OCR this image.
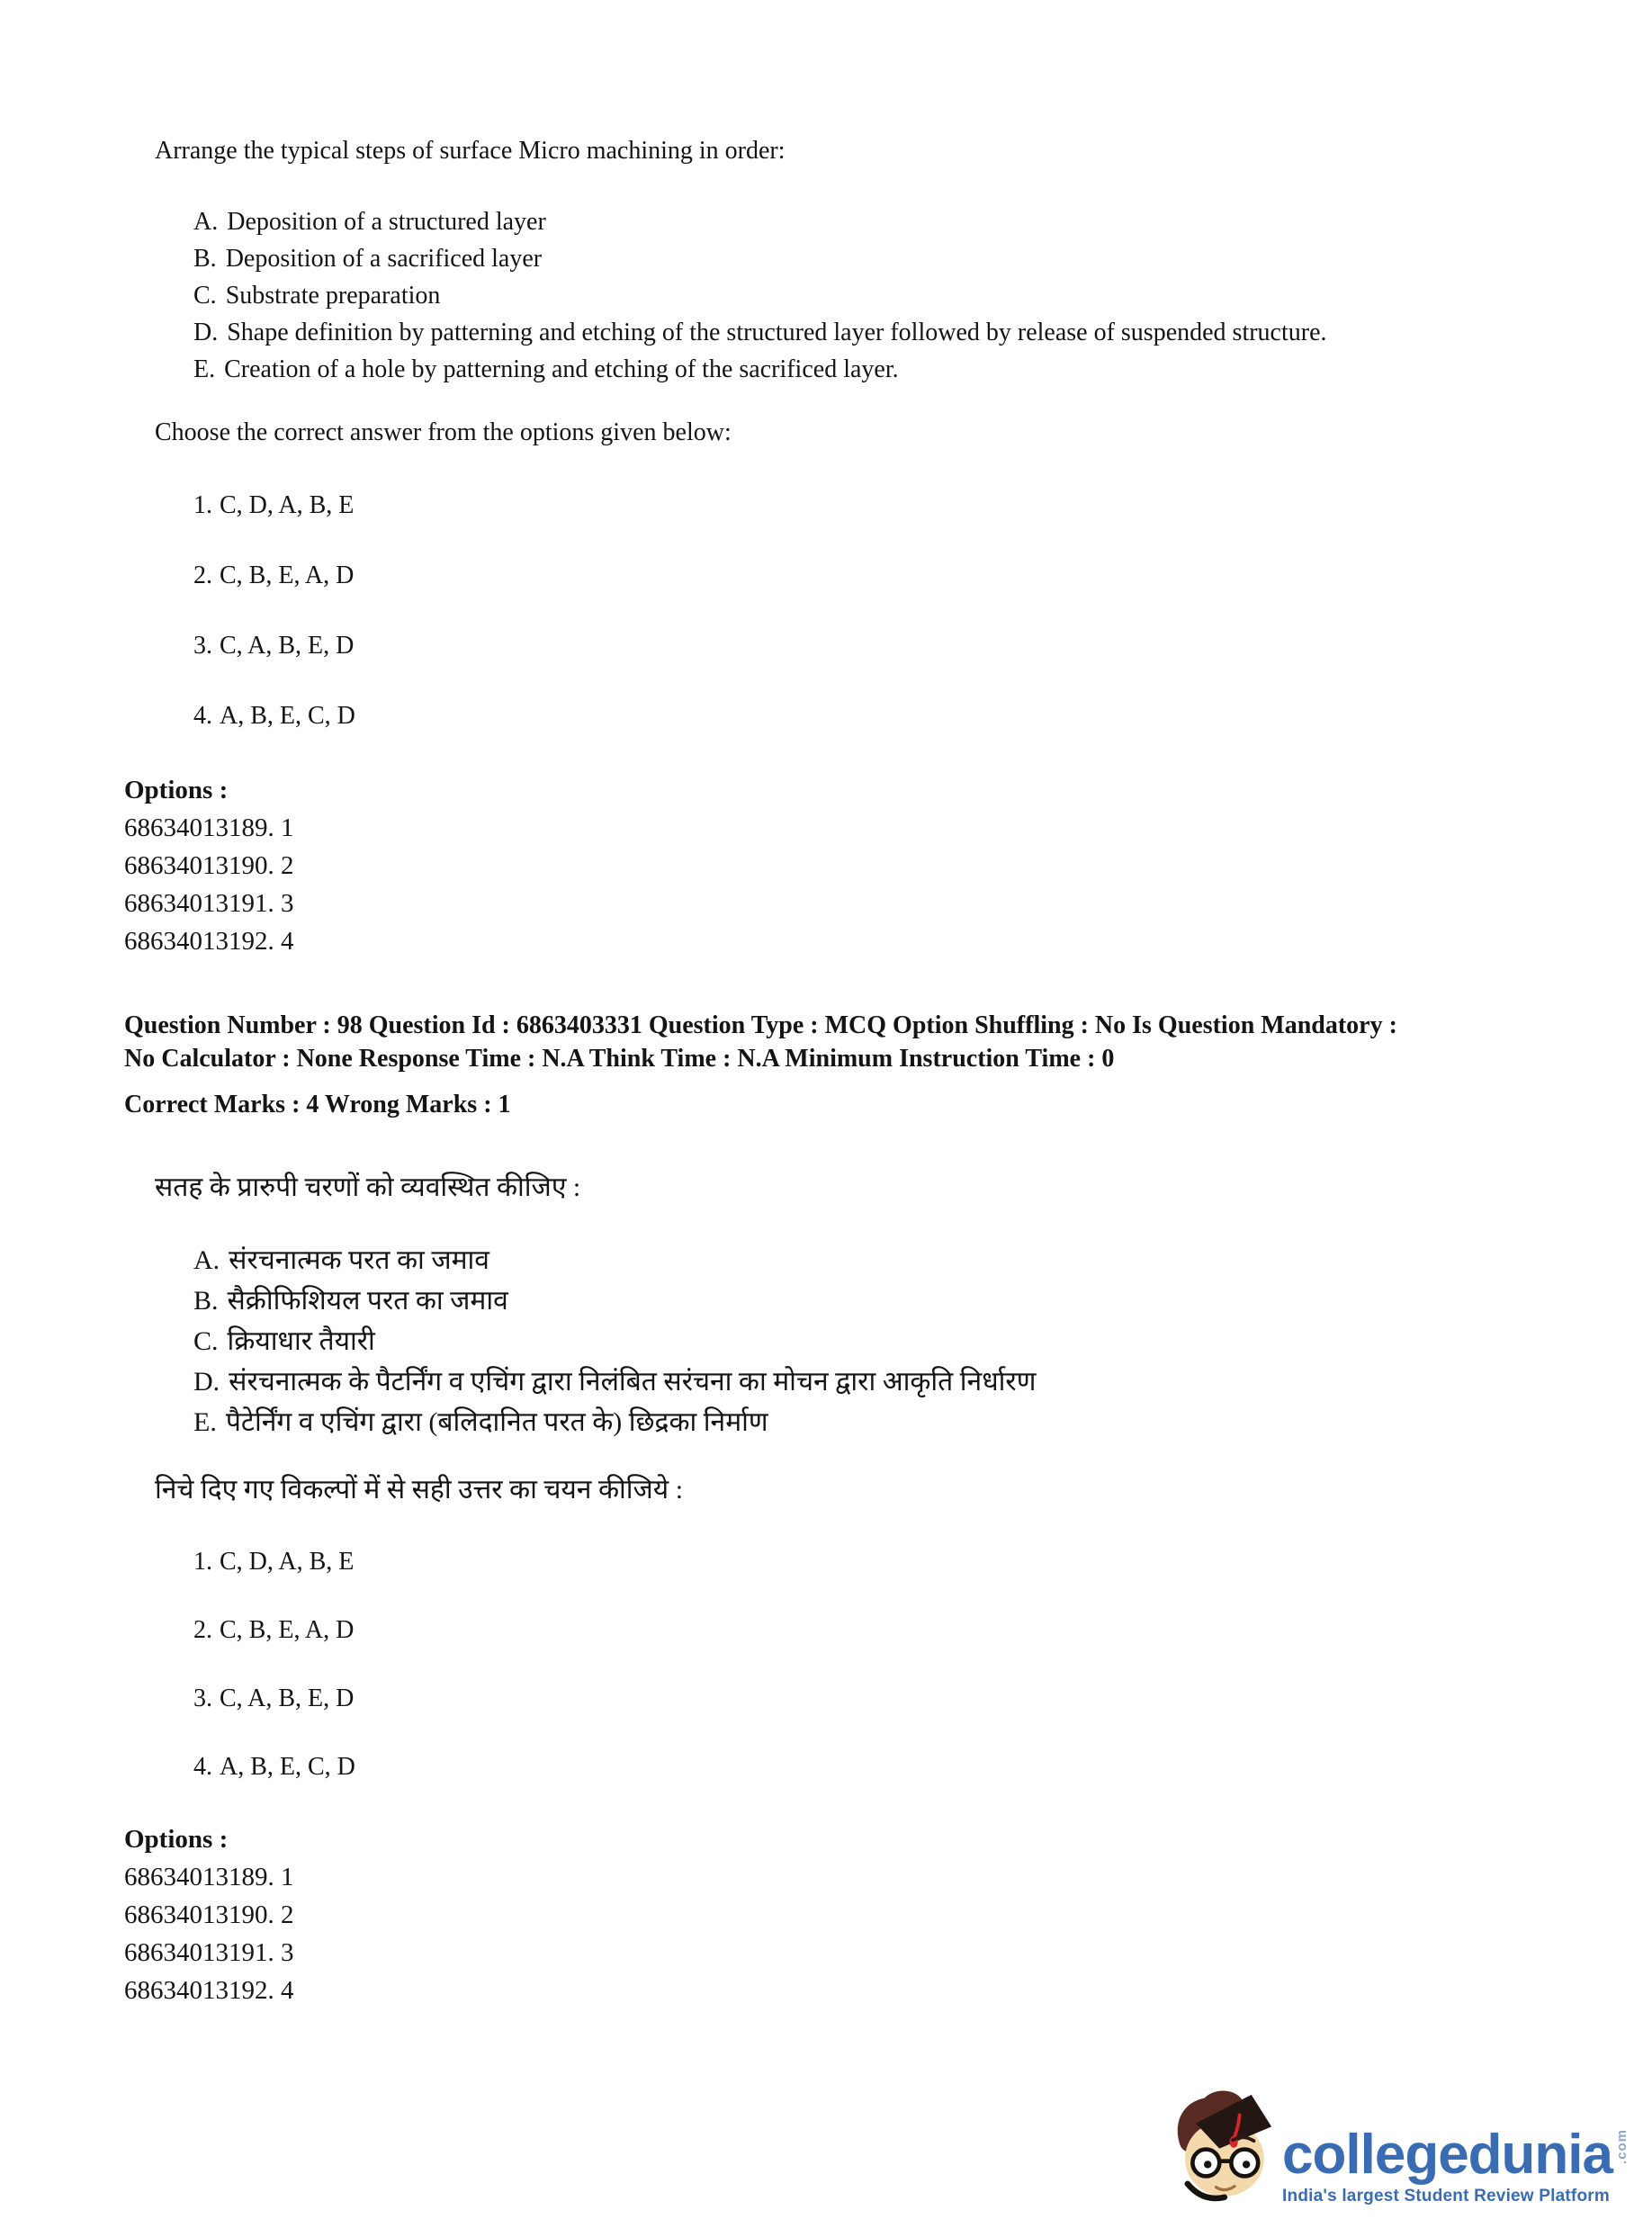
Arrange the typical steps of surface Micro machining in order:

A. Deposition of a structured layer
B. Deposition of a sacrificed layer
C. Substrate preparation
D. Shape definition by patterning and etching of the structured layer followed by release of suspended structure.
E. Creation of a hole by patterning and etching of the sacrificed layer.

Choose the correct answer from the options given below:

1. C, D, A, B, E
2. C, B, E, A, D
3. C, A, B, E, D
4. A, B, E, C, D

Options :

68634013189. 1
68634013190. 2
68634013191. 3
68634013192. 4

Question Number : 98 Question Id : 6863403331 Question Type : MCQ Option Shuffling : No Is Question Mandatory :

No Calculator : None Response Time : N.A Think Time : N.A Minimum Instruction Time : 0

Correct Marks : 4 Wrong Marks : 1

सतह के प्रारुपी चरणों को व्यवस्थित कीजिए :

A. संरचनात्मक परत का जमाव
B. सैक्रीफिशियल परत का जमाव
C. क्रियाधार तैयारी
D. संरचनात्मक के पैटर्निंग व एचिंग द्वारा निलंबित सरंचना का मोचन द्वारा आकृति निर्धारण
E. पैटेर्निंग व एचिंग द्वारा (बलिदानित परत के) छिद्रका निर्माण

निचे दिए गए विकल्पों में से सही उत्तर का चयन कीजिये :

1. C, D, A, B, E
2. C, B, E, A, D
3. C, A, B, E, D
4. A, B, E, C, D

Options :

68634013189. 1
68634013190. 2
68634013191. 3
68634013192. 4
collegedunia .com
India's largest Student Review Platform
